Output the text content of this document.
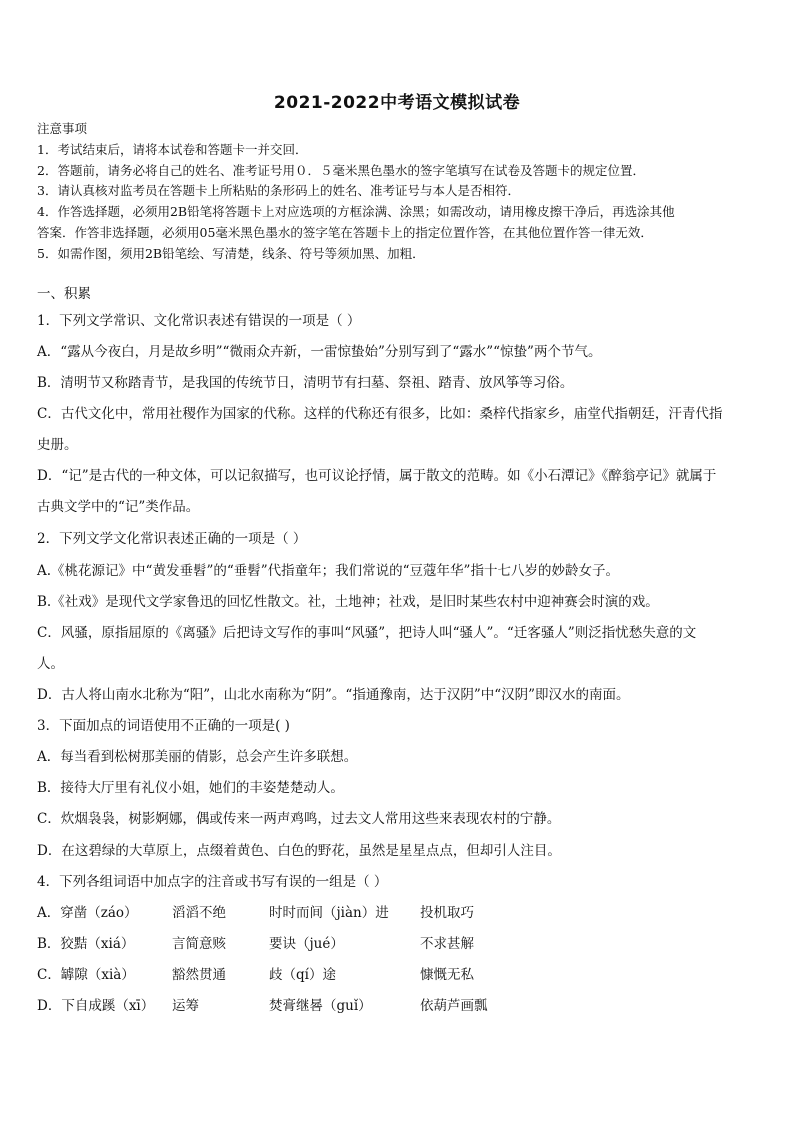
2021-2022中考语文模拟试卷
注意事项
1．考试结束后，请将本试卷和答题卡一并交回．
2．答题前，请务必将自己的姓名、准考证号用０．５毫米黑色墨水的签字笔填写在试卷及答题卡的规定位置．
3．请认真核对监考员在答题卡上所粘贴的条形码上的姓名、准考证号与本人是否相符．
4．作答选择题，必须用2B铅笔将答题卡上对应选项的方框涂满、涂黑；如需改动，请用橡皮擦干净后，再选涂其他
答案．作答非选择题，必须用05毫米黑色墨水的签字笔在答题卡上的指定位置作答，在其他位置作答一律无效．
5．如需作图，须用2B铅笔绘、写清楚，线条、符号等须加黑、加粗．
一、积累
1．下列文学常识、文化常识表述有错误的一项是（ ）
A．“露从今夜白，月是故乡明”“微雨众卉新，一雷惊蛰始”分别写到了“露水”“惊蛰”两个节气。
B．清明节又称踏青节，是我国的传统节日，清明节有扫墓、祭祖、踏青、放风筝等习俗。
C．古代文化中，常用社稷作为国家的代称。这样的代称还有很多，比如：桑梓代指家乡，庙堂代指朝廷，汗青代指
史册。
D．“记”是古代的一种文体，可以记叙描写，也可议论抒情，属于散文的范畴。如《小石潭记》《醉翁亭记》就属于
古典文学中的“记”类作品。
2．下列文学文化常识表述正确的一项是（ ）
A.《桃花源记》中“黄发垂髫”的“垂髫”代指童年；我们常说的“豆蔻年华”指十七八岁的妙龄女子。
B.《社戏》是现代文学家鲁迅的回忆性散文。社，土地神；社戏，是旧时某些农村中迎神赛会时演的戏。
C．风骚，原指屈原的《离骚》后把诗文写作的事叫“风骚”，把诗人叫“骚人”。“迁客骚人”则泛指忧愁失意的文
人。
D．古人将山南水北称为“阳”，山北水南称为“阴”。“指通豫南，达于汉阴”中“汉阴”即汉水的南面。
3．下面加点的词语使用不正确的一项是( )
A．每当看到松树那美丽的倩影，总会产生许多联想。
B．接待大厅里有礼仪小姐，她们的丰姿楚楚动人。
C．炊烟袅袅，树影婀娜，偶或传来一两声鸡鸣，过去文人常用这些来表现农村的宁静。
D．在这碧绿的大草原上，点缀着黄色、白色的野花，虽然是星星点点，但却引人注目。
4．下列各组词语中加点字的注音或书写有误的一组是（ ）
A．穿凿（záo）	滔滔不绝	时时而间（jiàn）进 投机取巧
B．狡黠（xiá）	言简意赅	要诀（jué）	不求甚解
C．罅隙（xià）	豁然贯通	歧（qí）途	慷慨无私
D．下自成蹊（xī） 运筹	焚膏继晷（guǐ）	依葫芦画瓢
